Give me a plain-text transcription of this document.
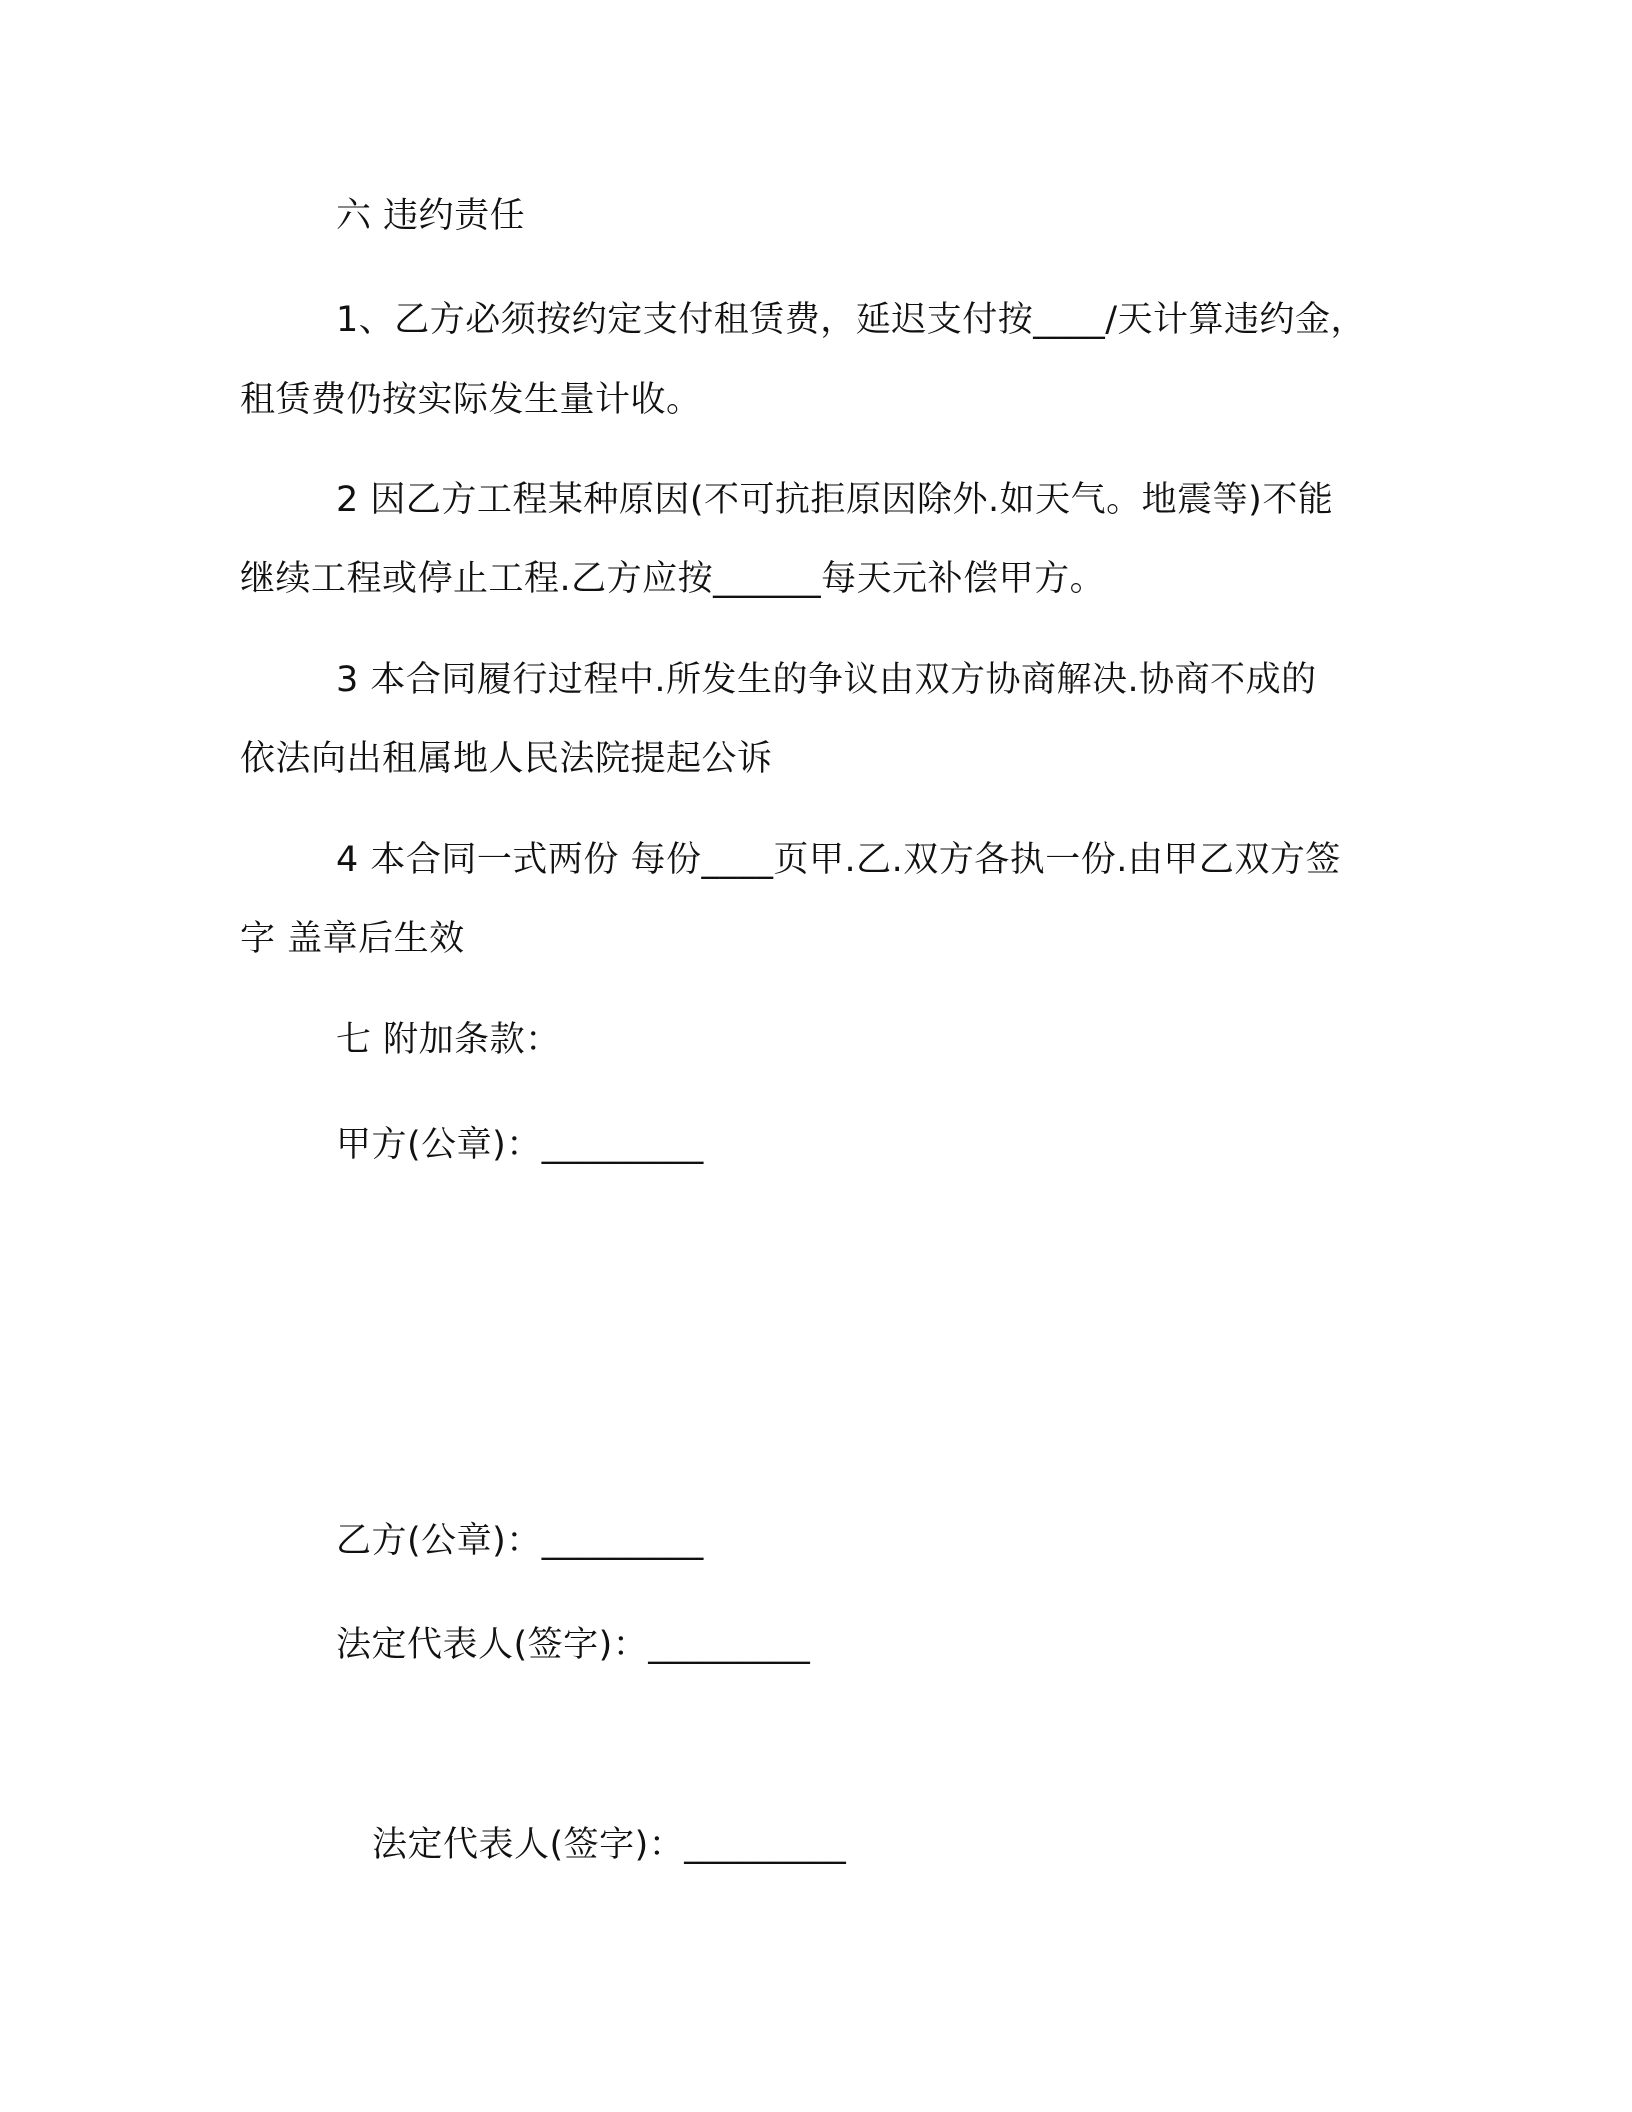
六 违约责任
1、乙方必须按约定支付租赁费，延迟支付按____/天计算违约金，
租赁费仍按实际发生量计收。
2 因乙方工程某种原因(不可抗拒原因除外.如天气。地震等)不能
继续工程或停止工程.乙方应按______每天元补偿甲方。
3 本合同履行过程中.所发生的争议由双方协商解决.协商不成的
依法向出租属地人民法院提起公诉
4 本合同一式两份 每份____页甲.乙.双方各执一份.由甲乙双方签
字 盖章后生效
七 附加条款：
甲方(公章)：_________
乙方(公章)：_________
法定代表人(签字)：_________
法定代表人(签字)：_________
